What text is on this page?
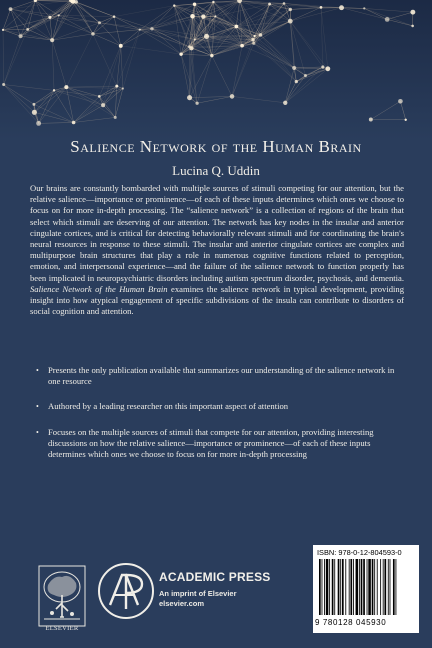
Salience Network of the Human Brain
Lucina Q. Uddin
Our brains are constantly bombarded with multiple sources of stimuli competing for our attention, but the relative salience—importance or prominence—of each of these inputs determines which ones we choose to focus on for more in-depth processing. The “salience network” is a collection of regions of the brain that select which stimuli are deserving of our attention. The network has key nodes in the insular and anterior cingulate cortices, and is critical for detecting behaviorally relevant stimuli and for coordinating the brain's neural resources in response to these stimuli. The insular and anterior cingulate cortices are complex and multipurpose brain structures that play a role in numerous cognitive functions related to perception, emotion, and interpersonal experience—and the failure of the salience network to function properly has been implicated in neuropsychiatric disorders including autism spectrum disorder, psychosis, and dementia. Salience Network of the Human Brain examines the salience network in typical development, providing insight into how atypical engagement of specific subdivisions of the insula can contribute to disorders of social cognition and attention.
• Presents the only publication available that summarizes our understanding of the salience network in one resource
• Authored by a leading researcher on this important aspect of attention
• Focuses on the multiple sources of stimuli that compete for our attention, providing interesting discussions on how the relative salience—importance or prominence—of each of these inputs determines which ones we choose to focus on for more in-depth processing
ELSEVIER
ACADEMIC PRESS
An imprint of Elsevier
elsevier.com
ISBN: 978-0-12-804593-0
9 780128 045930
